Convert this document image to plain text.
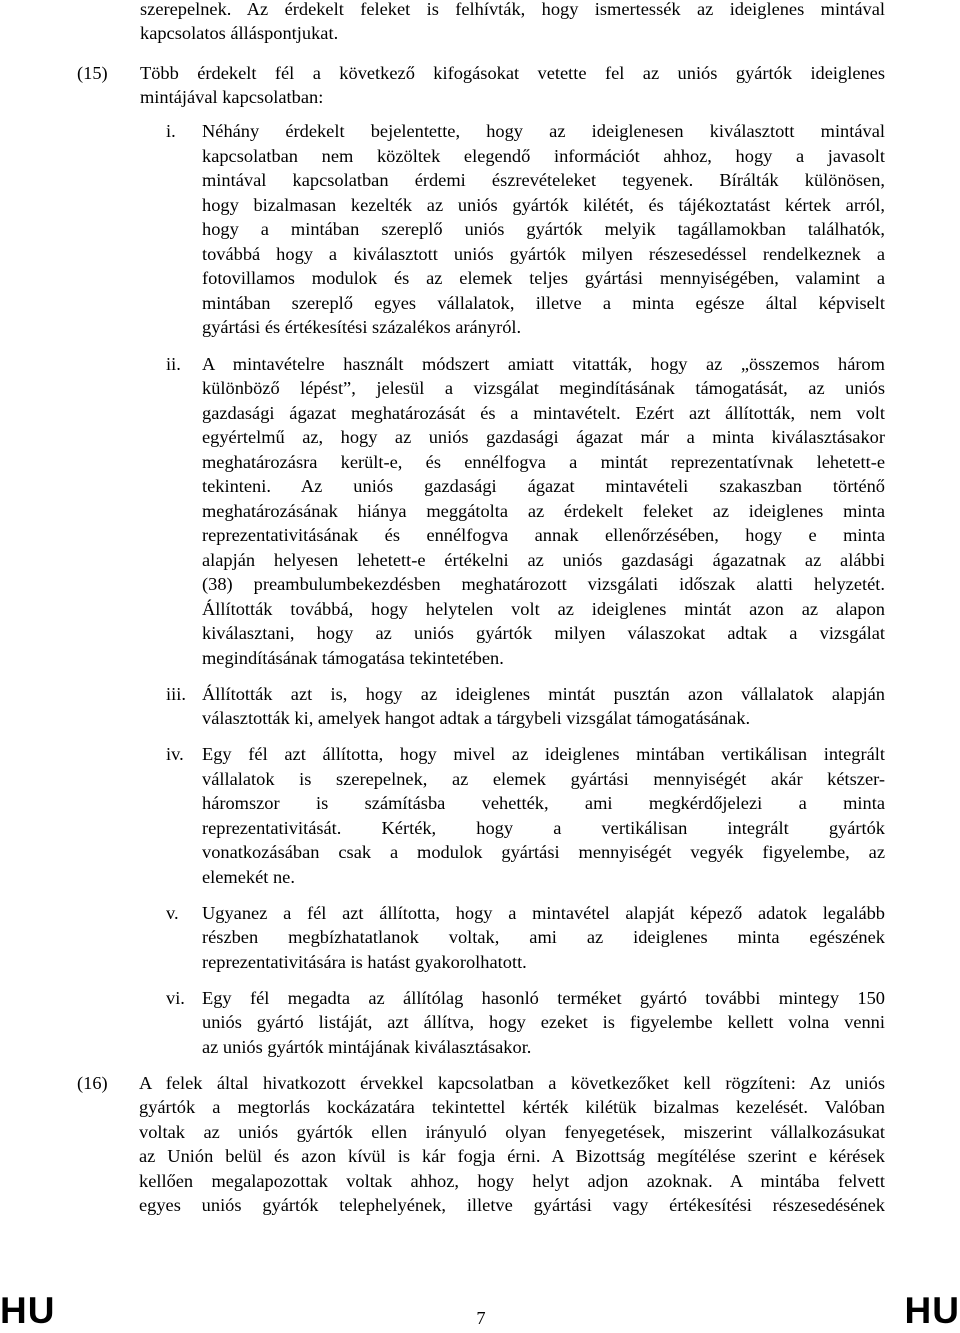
szerepelnek. Az érdekelt feleket is felhívták, hogy ismertessék az ideiglenes mintával
kapcsolatos álláspontjukat.
(15) Több érdekelt fél a következő kifogásokat vetette fel az uniós gyártók ideiglenes
mintájával kapcsolatban:
i. Néhány érdekelt bejelentette, hogy az ideiglenesen kiválasztott mintával
kapcsolatban nem közöltek elegendő információt ahhoz, hogy a javasolt
mintával kapcsolatban érdemi észrevételeket tegyenek. Bírálták különösen,
hogy bizalmasan kezelték az uniós gyártók kilétét, és tájékoztatást kértek arról,
hogy a mintában szereplő uniós gyártók melyik tagállamokban találhatók,
továbbá hogy a kiválasztott uniós gyártók milyen részesedéssel rendelkeznek a
fotovillamos modulok és az elemek teljes gyártási mennyiségében, valamint a
mintában szereplő egyes vállalatok, illetve a minta egésze által képviselt
gyártási és értékesítési százalékos arányról.
ii. A mintavételre használt módszert amiatt vitatták, hogy az „összemos három
különböző lépést”, jelesül a vizsgálat megindításának támogatását, az uniós
gazdasági ágazat meghatározását és a mintavételt. Ezért azt állították, nem volt
egyértelmű az, hogy az uniós gazdasági ágazat már a minta kiválasztásakor
meghatározásra került-e, és ennélfogva a mintát reprezentatívnak lehetett-e
tekinteni. Az uniós gazdasági ágazat mintavételi szakaszban történő
meghatározásának hiánya meggátolta az érdekelt feleket az ideiglenes minta
reprezentativitásának és ennélfogva annak ellenőrzésében, hogy e minta
alapján helyesen lehetett-e értékelni az uniós gazdasági ágazatnak az alábbi
(38) preambulumbekezdésben meghatározott vizsgálati időszak alatti helyzetét.
Állították továbbá, hogy helytelen volt az ideiglenes mintát azon az alapon
kiválasztani, hogy az uniós gyártók milyen válaszokat adtak a vizsgálat
megindításának támogatása tekintetében.
iii. Állították azt is, hogy az ideiglenes mintát pusztán azon vállalatok alapján
választották ki, amelyek hangot adtak a tárgybeli vizsgálat támogatásának.
iv. Egy fél azt állította, hogy mivel az ideiglenes mintában vertikálisan integrált
vállalatok is szerepelnek, az elemek gyártási mennyiségét akár kétszer-
háromszor is számításba vehették, ami megkérdőjelezi a minta
reprezentativitását. Kérték, hogy a vertikálisan integrált gyártók
vonatkozásában csak a modulok gyártási mennyiségét vegyék figyelembe, az
elemekét ne.
v. Ugyanez a fél azt állította, hogy a mintavétel alapját képező adatok legalább
részben megbízhatatlanok voltak, ami az ideiglenes minta egészének
reprezentativitására is hatást gyakorolhatott.
vi. Egy fél megadta az állítólag hasonló terméket gyártó további mintegy 150
uniós gyártó listáját, azt állítva, hogy ezeket is figyelembe kellett volna venni
az uniós gyártók mintájának kiválasztásakor.
(16) A felek által hivatkozott érvekkel kapcsolatban a következőket kell rögzíteni: Az uniós
gyártók a megtorlás kockázatára tekintettel kérték kilétük bizalmas kezelését. Valóban
voltak az uniós gyártók ellen irányuló olyan fenyegetések, miszerint vállalkozásukat
az Unión belül és azon kívül is kár fogja érni. A Bizottság megítélése szerint e kérések
kellően megalapozottak voltak ahhoz, hogy helyt adjon azoknak. A mintába felvett
egyes uniós gyártók telephelyének, illetve gyártási vagy értékesítési részesedésének
HU	7	HU
